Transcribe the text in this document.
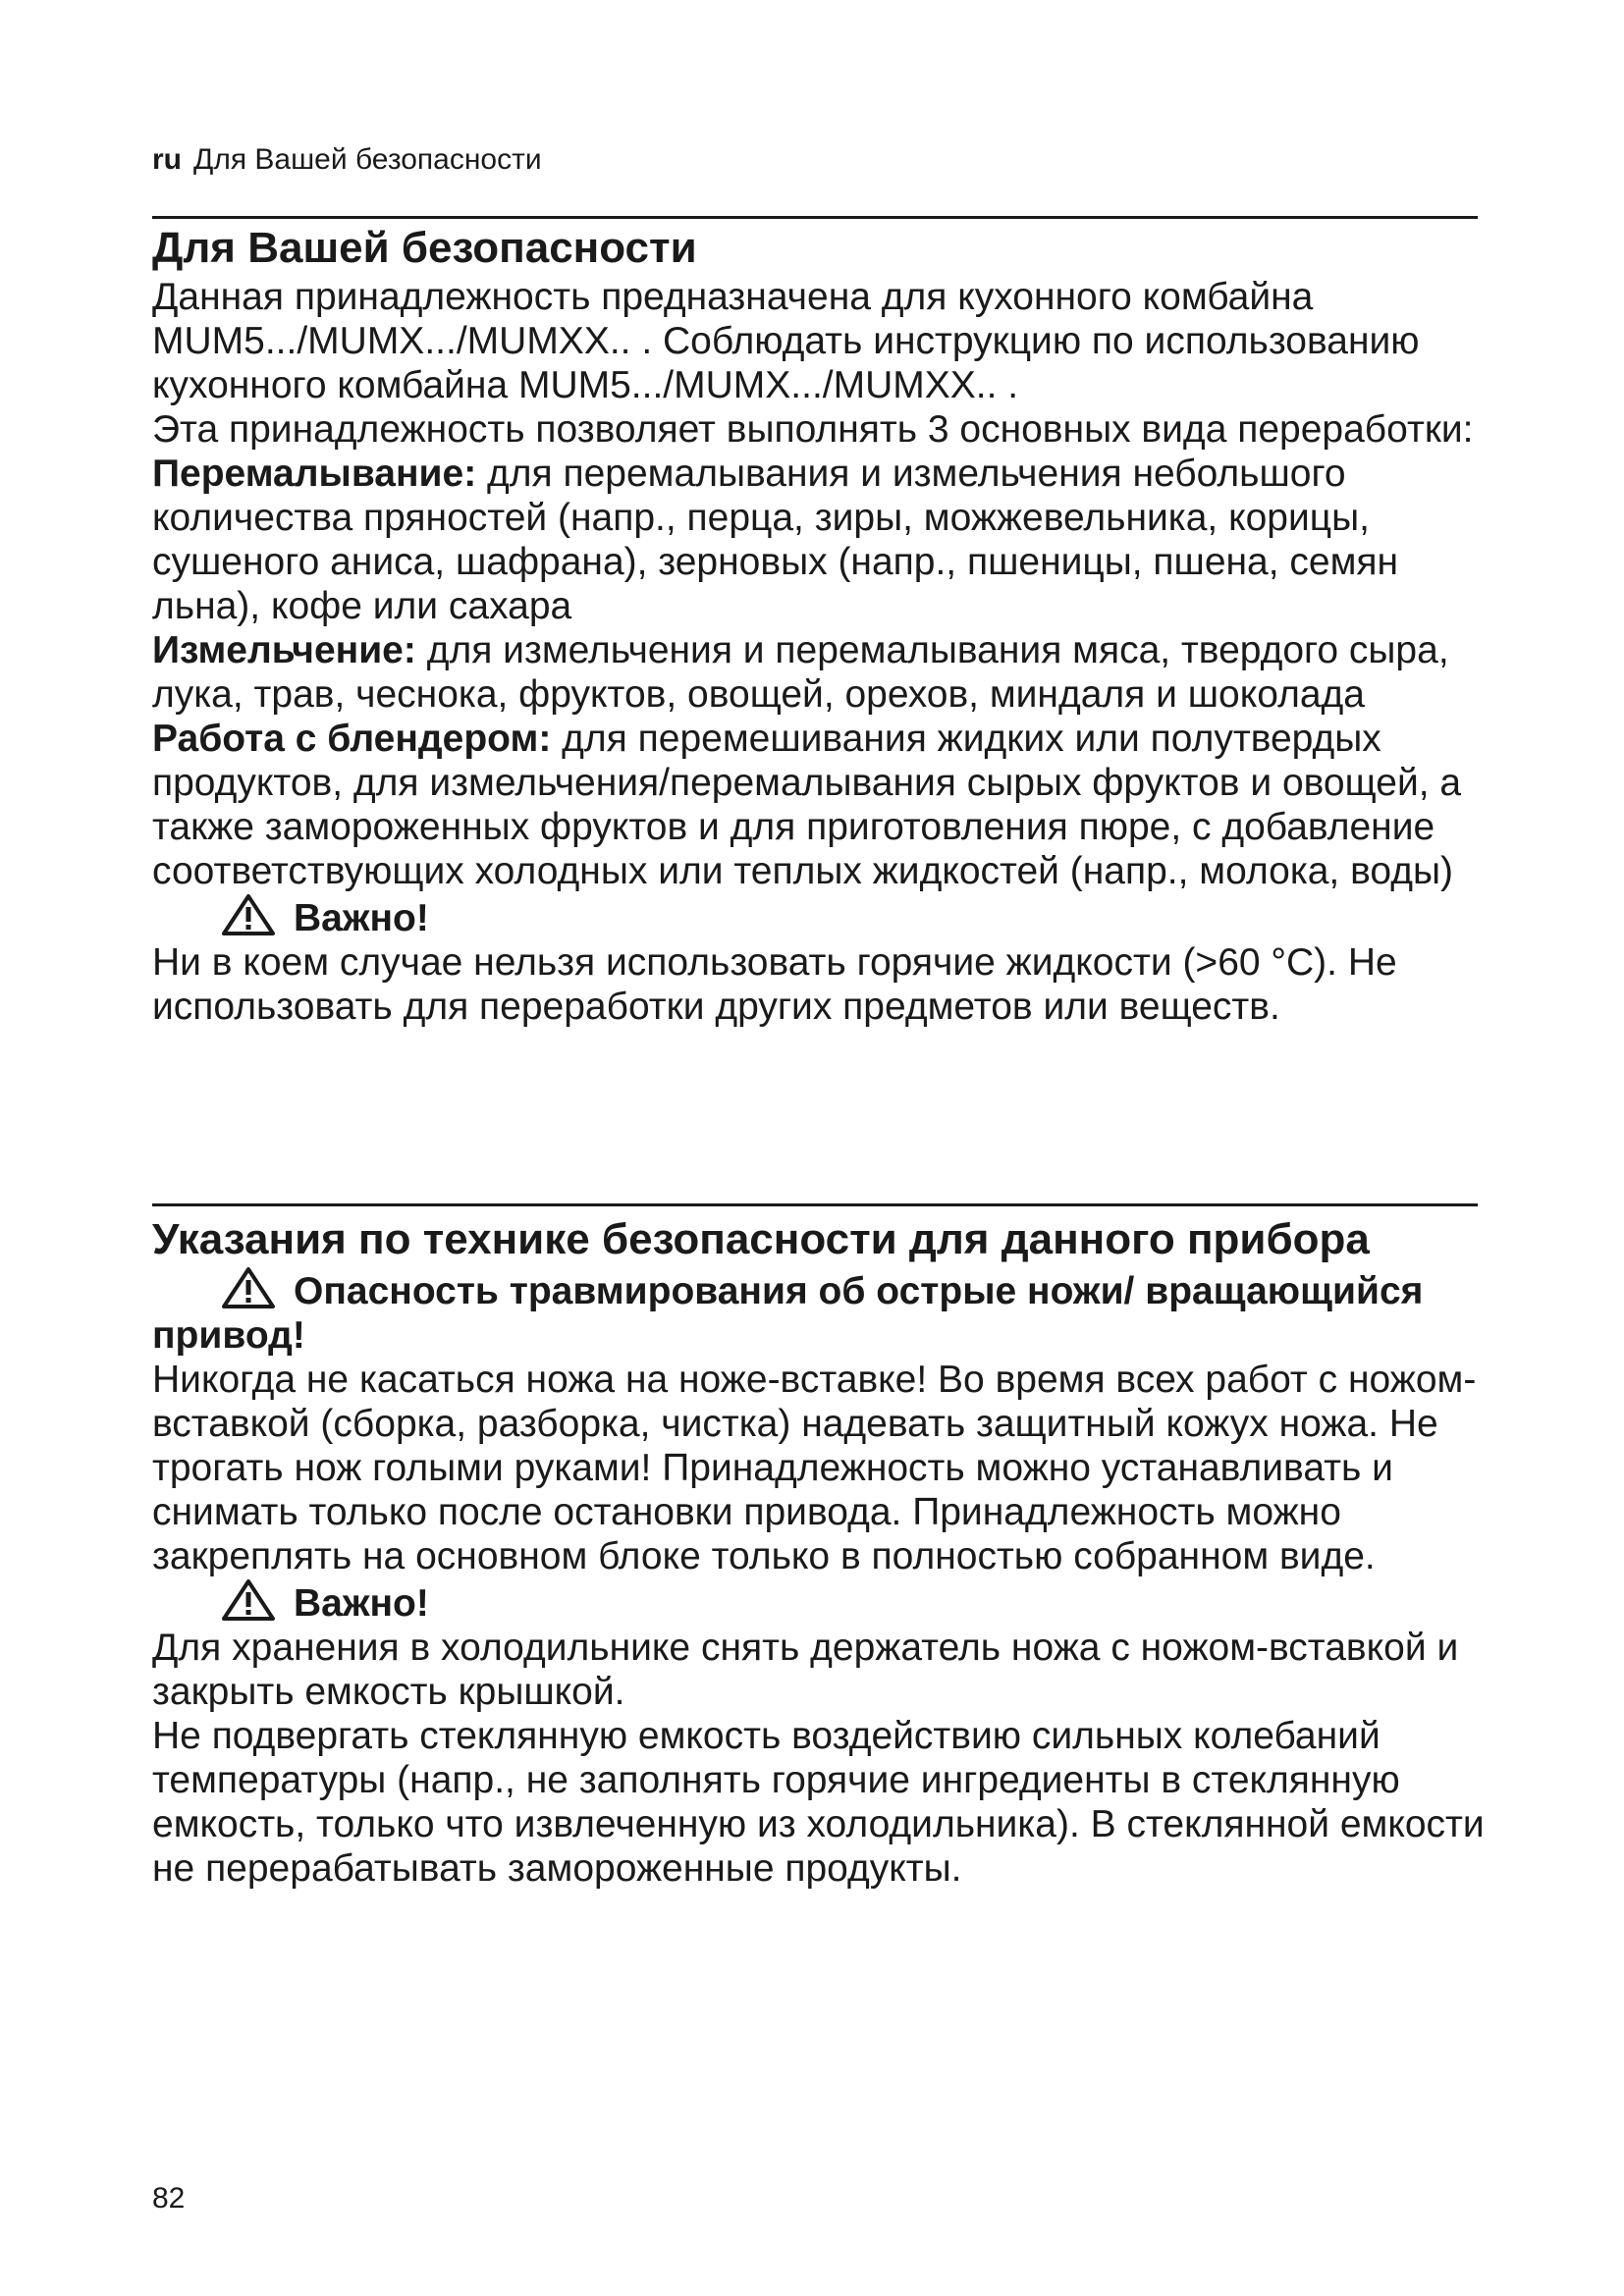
ru Для Вашей безопасности

Для Вашей безопасности

Данная принадлежность предназначена для кухонного комбайна MUM5.../MUMX.../MUMXX.. . Соблюдать инструкцию по использованию кухонного комбайна MUM5.../MUMX.../MUMXX.. .

Эта принадлежность позволяет выполнять 3 основных вида переработки:

Перемалывание: для перемалывания и измельчения небольшого количества пряностей (напр., перца, зиры, можжевельника, корицы, сушеного аниса, шафрана), зерновых (напр., пшеницы, пшена, семян льна), кофе или сахара

Измельчение: для измельчения и перемалывания мяса, твердого сыра, лука, трав, чеснока, фруктов, овощей, орехов, миндаля и шоколада

Работа с блендером: для перемешивания жидких или полутвердых продуктов, для измельчения/перемалывания сырых фруктов и овощей, а также замороженных фруктов и для приготовления пюре, с добавление соответствующих холодных или теплых жидкостей (напр., молока, воды)

Важно!

Ни в коем случае нельзя использовать горячие жидкости (>60 °C). Не использовать для переработки других предметов или веществ.

Указания по технике безопасности для данного прибора

Опасность травмирования об острые ножи/ вращающийся привод!

Никогда не касаться ножа на ноже-вставке! Во время всех работ с ножом-вставкой (сборка, разборка, чистка) надевать защитный кожух ножа. Не трогать нож голыми руками! Принадлежность можно устанавливать и снимать только после остановки привода. Принадлежность можно закреплять на основном блоке только в полностью собранном виде.

Важно!

Для хранения в холодильнике снять держатель ножа с ножом-вставкой и закрыть емкость крышкой.

Не подвергать стеклянную емкость воздействию сильных колебаний температуры (напр., не заполнять горячие ингредиенты в стеклянную емкость, только что извлеченную из холодильника). В стеклянной емкости не перерабатывать замороженные продукты.

82
